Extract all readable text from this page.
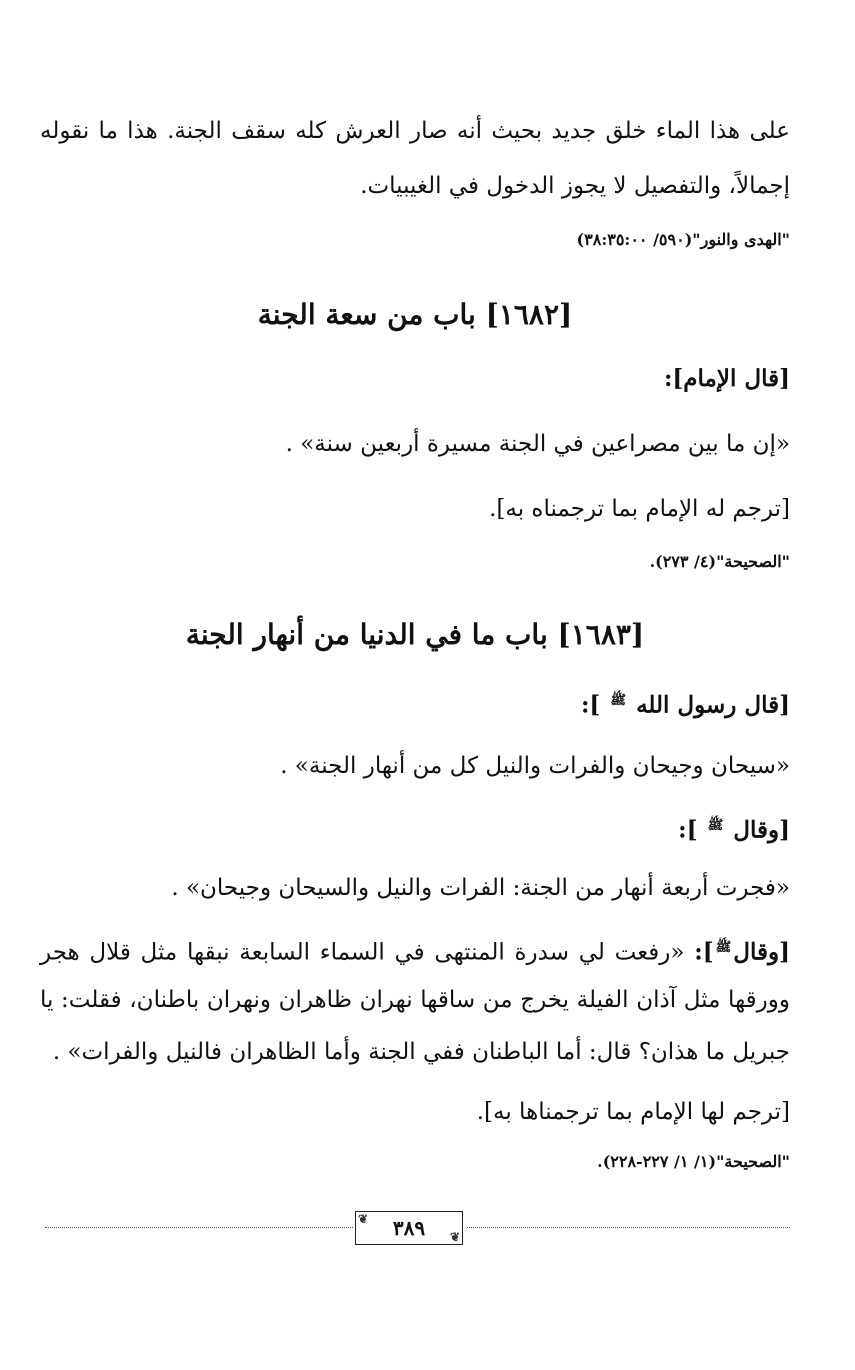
على هذا الماء خلق جديد بحيث أنه صار العرش كله سقف الجنة. هذا ما نقوله
إجمالاً، والتفصيل لا يجوز الدخول في الغيبيات.
"الهدى والنور"(٥٩٠/ ٣٨:٣٥:٠٠)
[١٦٨٢] باب من سعة الجنة
[قال الإمام]:
«إن ما بين مصراعين في الجنة مسيرة أربعين سنة» .
[ترجم له الإمام بما ترجمناه به].
"الصحيحة"(٤/ ٢٧٣).
[١٦٨٣] باب ما في الدنيا من أنهار الجنة
[قال رسول الله ﷺ ]:
«سيحان وجيحان والفرات والنيل كل من أنهار الجنة» .
[وقال ﷺ ]:
«فجرت أربعة أنهار من الجنة: الفرات والنيل والسيحان وجيحان» .
[وقالﷺ]: «رفعت لي سدرة المنتهى في السماء السابعة نبقها مثل قلال هجر
وورقها مثل آذان الفيلة يخرج من ساقها نهران ظاهران ونهران باطنان، فقلت: يا
جبريل ما هذان؟ قال: أما الباطنان ففي الجنة وأما الظاهران فالنيل والفرات» .
[ترجم لها الإمام بما ترجمناها به].
"الصحيحة"(١/ ١/ ٢٢٧-٢٢٨).
❦ ٣٨٩ ❦
